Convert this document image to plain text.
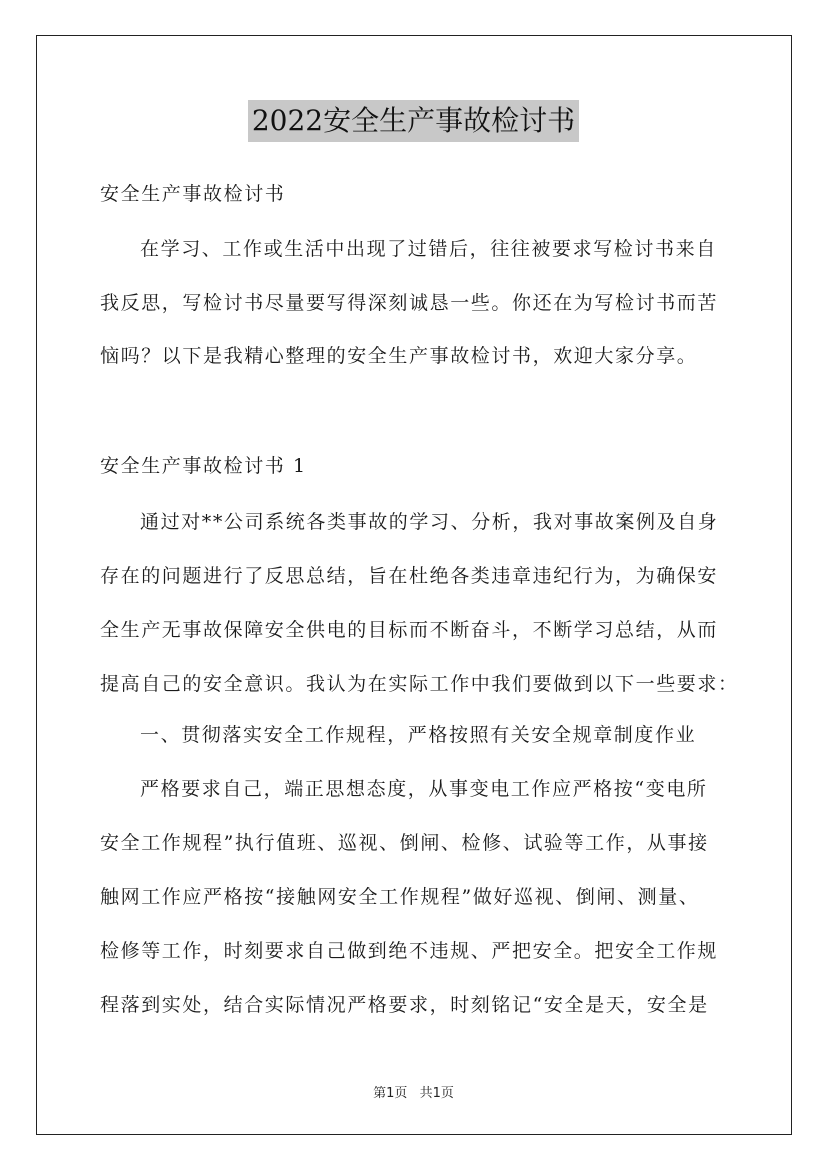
2022安全生产事故检讨书
安全生产事故检讨书
在学习、工作或生活中出现了过错后，往往被要求写检讨书来自
我反思，写检讨书尽量要写得深刻诚恳一些。你还在为写检讨书而苦
恼吗？以下是我精心整理的安全生产事故检讨书，欢迎大家分享。
安全生产事故检讨书 1
通过对**公司系统各类事故的学习、分析，我对事故案例及自身
存在的问题进行了反思总结，旨在杜绝各类违章违纪行为，为确保安
全生产无事故保障安全供电的目标而不断奋斗，不断学习总结，从而
提高自己的安全意识。我认为在实际工作中我们要做到以下一些要求：
一、贯彻落实安全工作规程，严格按照有关安全规章制度作业
严格要求自己，端正思想态度，从事变电工作应严格按“变电所
安全工作规程”执行值班、巡视、倒闸、检修、试验等工作，从事接
触网工作应严格按“接触网安全工作规程”做好巡视、倒闸、测量、
检修等工作，时刻要求自己做到绝不违规、严把安全。把安全工作规
程落到实处，结合实际情况严格要求，时刻铭记“安全是天，安全是
第1页 共1页
